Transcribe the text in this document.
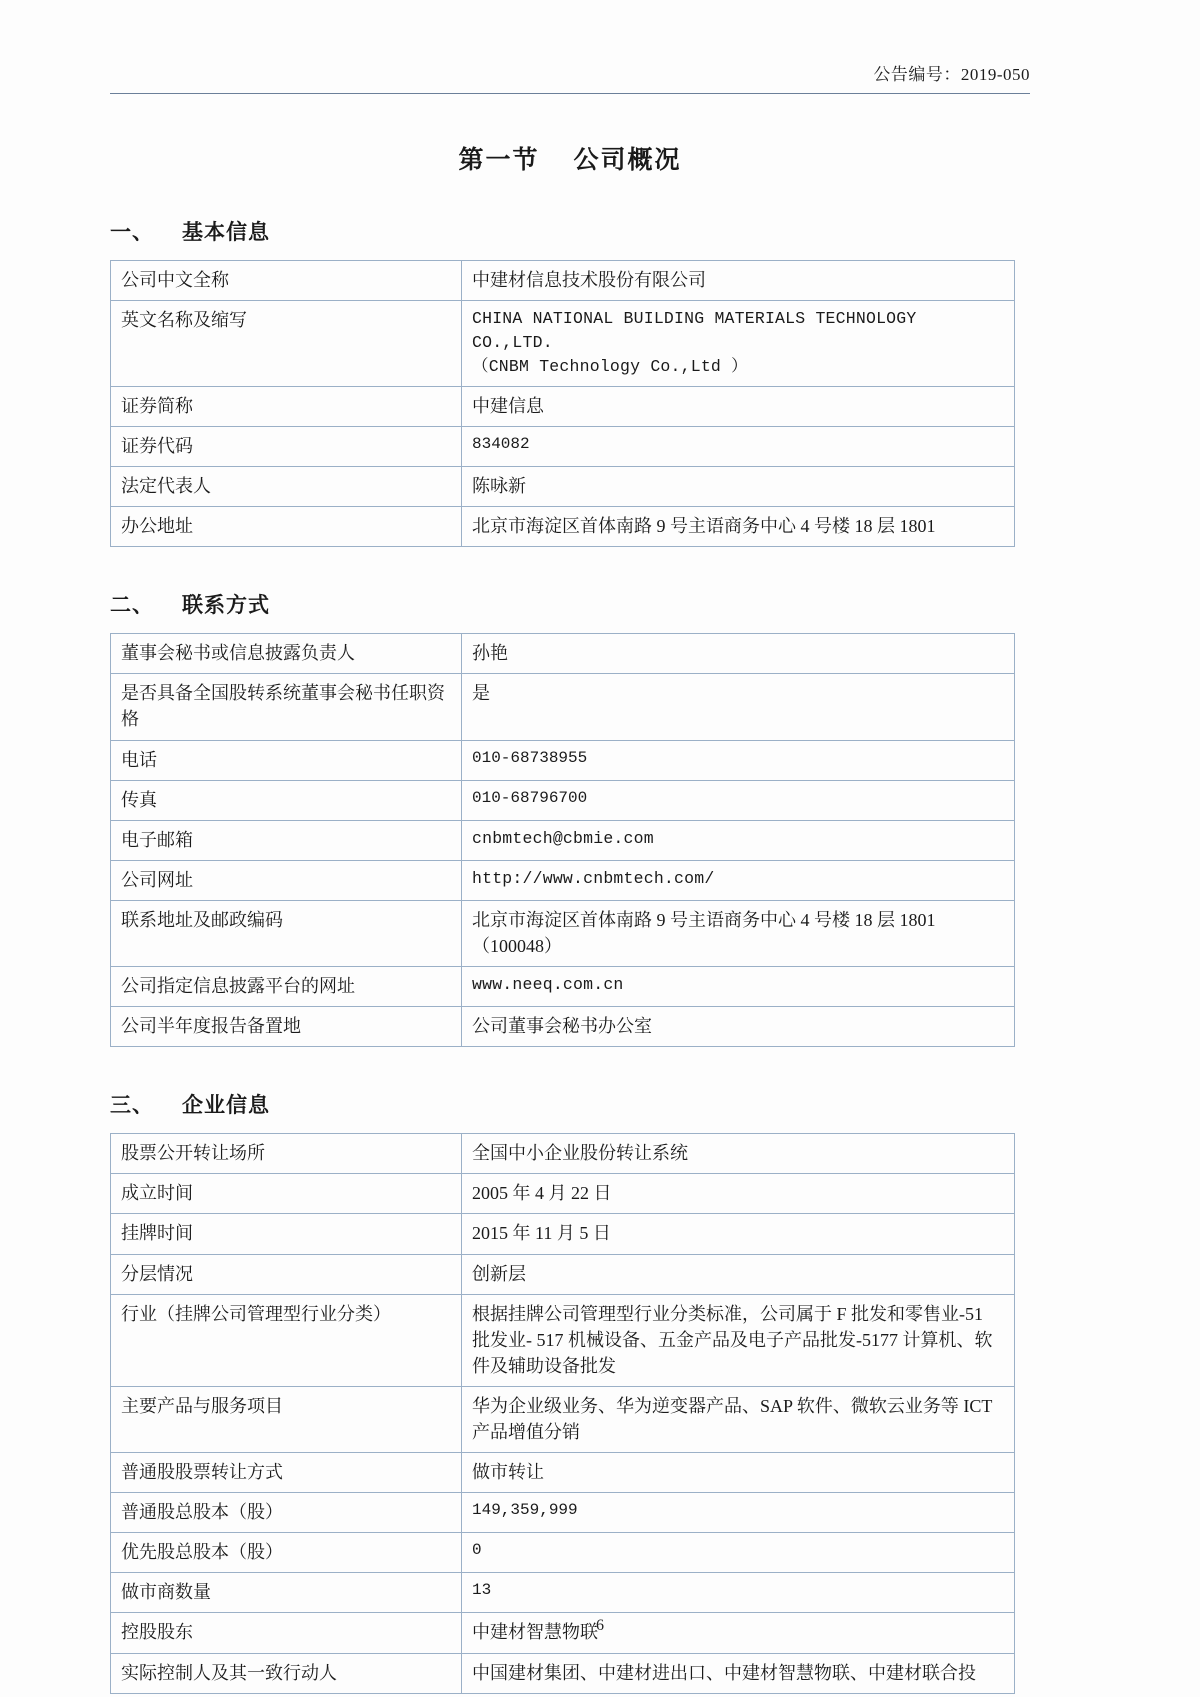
公告编号：2019-050
第一节 公司概况
一、 基本信息
公司中文全称	中建材信息技术股份有限公司

英文名称及缩写	CHINA NATIONAL BUILDING MATERIALS TECHNOLOGY CO.,LTD.
（CNBM Technology Co.,Ltd ）

证券简称	中建信息

证券代码	834082

法定代表人	陈咏新

办公地址	北京市海淀区首体南路 9 号主语商务中心 4 号楼 18 层 1801
二、 联系方式
董事会秘书或信息披露负责人	孙艳

是否具备全国股转系统董事会秘书任职资格	是

电话	010-68738955

传真	010-68796700

电子邮箱	cnbmtech@cbmie.com

公司网址	http://www.cnbmtech.com/

联系地址及邮政编码	北京市海淀区首体南路 9 号主语商务中心 4 号楼 18 层 1801
（100048）

公司指定信息披露平台的网址	www.neeq.com.cn

公司半年度报告备置地	公司董事会秘书办公室
三、 企业信息
股票公开转让场所	全国中小企业股份转让系统

成立时间	2005 年 4 月 22 日

挂牌时间	2015 年 11 月 5 日

分层情况	创新层

行业（挂牌公司管理型行业分类）	根据挂牌公司管理型行业分类标准，公司属于 F 批发和零售业-51 批发业- 517 机械设备、五金产品及电子产品批发-5177 计算机、软件及辅助设备批发

主要产品与服务项目	华为企业级业务、华为逆变器产品、SAP 软件、微软云业务等 ICT 产品增值分销

普通股股票转让方式	做市转让

普通股总股本（股）	149,359,999

优先股总股本（股）	0

做市商数量	13

控股股东	中建材智慧物联

实际控制人及其一致行动人	中国建材集团、中建材进出口、中建材智慧物联、中建材联合投
6
